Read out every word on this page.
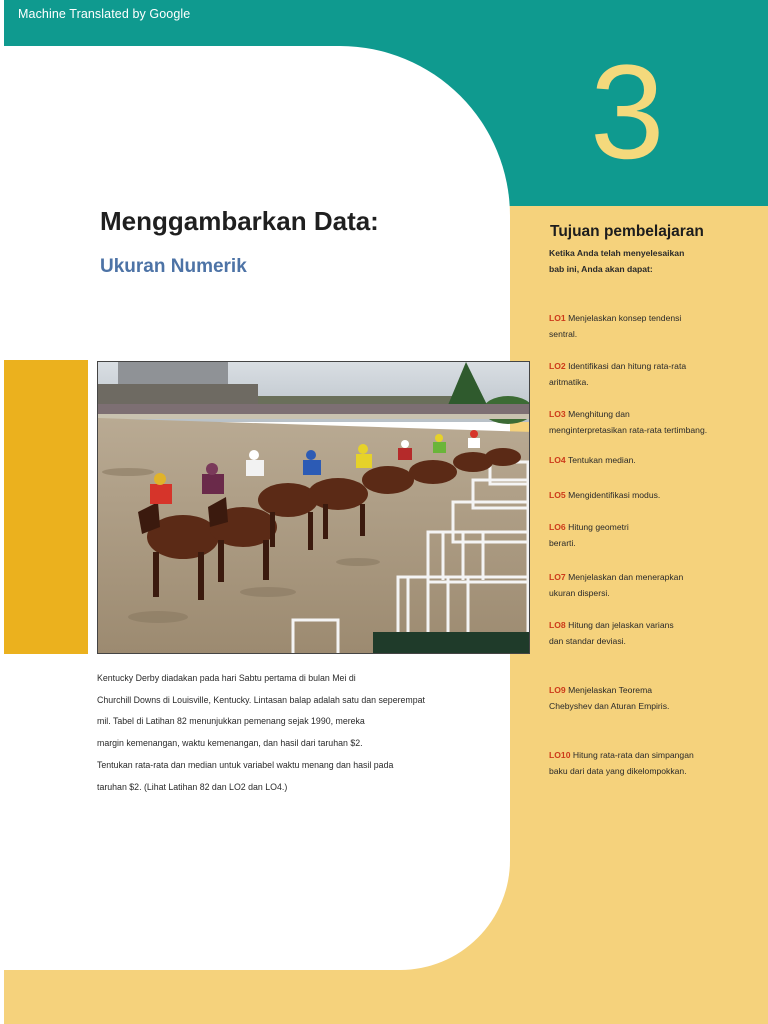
Machine Translated by Google
3
Menggambarkan Data:
Ukuran Numerik

Kentucky Derby diadakan pada hari Sabtu pertama di bulan Mei di

Churchill Downs di Louisville, Kentucky. Lintasan balap adalah satu dan seperempat

mil. Tabel di Latihan 82 menunjukkan pemenang sejak 1990, mereka

margin kemenangan, waktu kemenangan, dan hasil dari taruhan $2.

Tentukan rata-rata dan median untuk variabel waktu menang dan hasil pada

taruhan $2. (Lihat Latihan 82 dan LO2 dan LO4.)

Tujuan pembelajaran

Ketika Anda telah menyelesaikan

bab ini, Anda akan dapat:

LO1 Menjelaskan konsep tendensi

sentral.

LO2 Identifikasi dan hitung rata-rata

aritmatika.

LO3 Menghitung dan

menginterpretasikan rata-rata tertimbang.

LO4 Tentukan median.

LO5 Mengidentifikasi modus.

LO6 Hitung geometri

berarti.

LO7 Menjelaskan dan menerapkan

ukuran dispersi.

LO8 Hitung dan jelaskan varians

dan standar deviasi.

LO9 Menjelaskan Teorema

Chebyshev dan Aturan Empiris.

LO10 Hitung rata-rata dan simpangan

baku dari data yang dikelompokkan.
